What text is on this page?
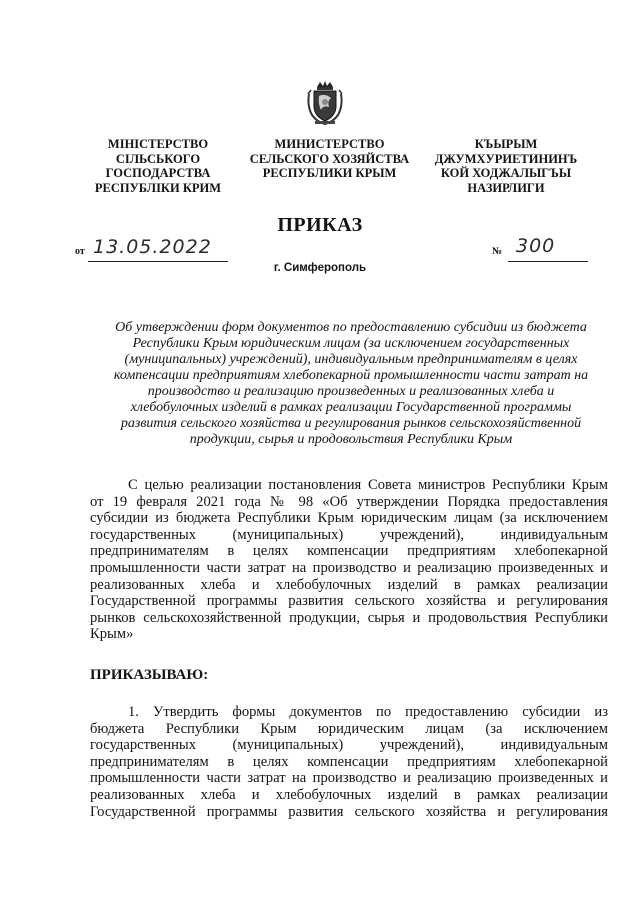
МІНІСТЕРСТВО
СІЛЬСЬКОГО
ГОСПОДАРСТВА
РЕСПУБЛІКИ КРИМ
МИНИСТЕРСТВО
СЕЛЬСКОГО ХОЗЯЙСТВА
РЕСПУБЛИКИ КРЫМ
КЪЫРЫМ
ДЖУМХУРИЕТИНИНЪ
КОЙ ХОДЖАЛЫГЪЫ
НАЗИРЛИГИ
ПРИКАЗ
от 13.05.2022	№ 300
г. Симферополь
Об утверждении форм документов по предоставлению субсидии из бюджета
Республики Крым юридическим лицам (за исключением государственных
(муниципальных) учреждений), индивидуальным предпринимателям в целях
компенсации предприятиям хлебопекарной промышленности части затрат на
производство и реализацию произведенных и реализованных хлеба и
хлебобулочных изделий в рамках реализации Государственной программы
развития сельского хозяйства и регулирования рынков сельскохозяйственной
продукции, сырья и продовольствия Республики Крым
С целью реализации постановления Совета министров Республики Крым
от 19 февраля 2021 года № 98 «Об утверждении Порядка предоставления
субсидии из бюджета Республики Крым юридическим лицам (за исключением
государственных (муниципальных) учреждений), индивидуальным
предпринимателям в целях компенсации предприятиям хлебопекарной
промышленности части затрат на производство и реализацию произведенных и
реализованных хлеба и хлебобулочных изделий в рамках реализации
Государственной программы развития сельского хозяйства и регулирования
рынков сельскохозяйственной продукции, сырья и продовольствия Республики
Крым»
ПРИКАЗЫВАЮ:
1. Утвердить формы документов по предоставлению субсидии из
бюджета Республики Крым юридическим лицам (за исключением
государственных (муниципальных) учреждений), индивидуальным
предпринимателям в целях компенсации предприятиям хлебопекарной
промышленности части затрат на производство и реализацию произведенных и
реализованных хлеба и хлебобулочных изделий в рамках реализации
Государственной программы развития сельского хозяйства и регулирования
